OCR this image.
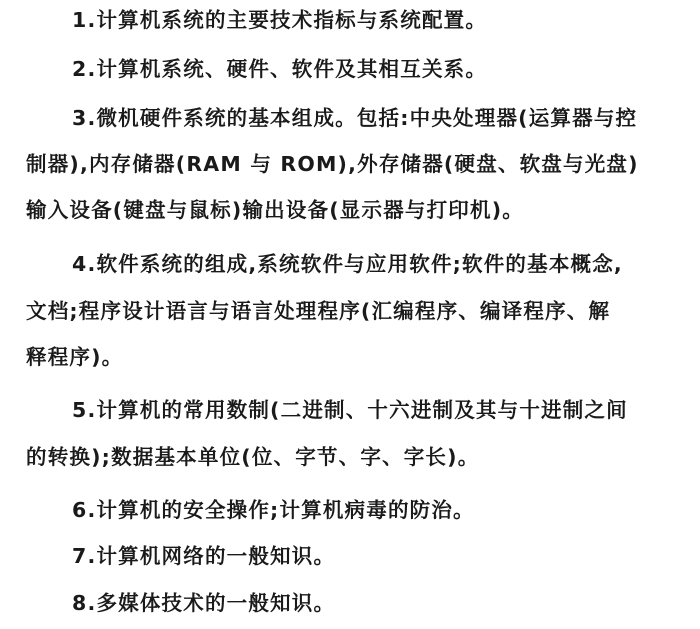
1.计算机系统的主要技术指标与系统配置。
2.计算机系统、硬件、软件及其相互关系。
3.微机硬件系统的基本组成。包括:中央处理器(运算器与控
制器),内存储器(RAM 与 ROM),外存储器(硬盘、软盘与光盘)
输入设备(键盘与鼠标)输出设备(显示器与打印机)。
4.软件系统的组成,系统软件与应用软件;软件的基本概念,
文档;程序设计语言与语言处理程序(汇编程序、编译程序、解
释程序)。
5.计算机的常用数制(二进制、十六进制及其与十进制之间
的转换);数据基本单位(位、字节、字、字长)。
6.计算机的安全操作;计算机病毒的防治。
7.计算机网络的一般知识。
8.多媒体技术的一般知识。
